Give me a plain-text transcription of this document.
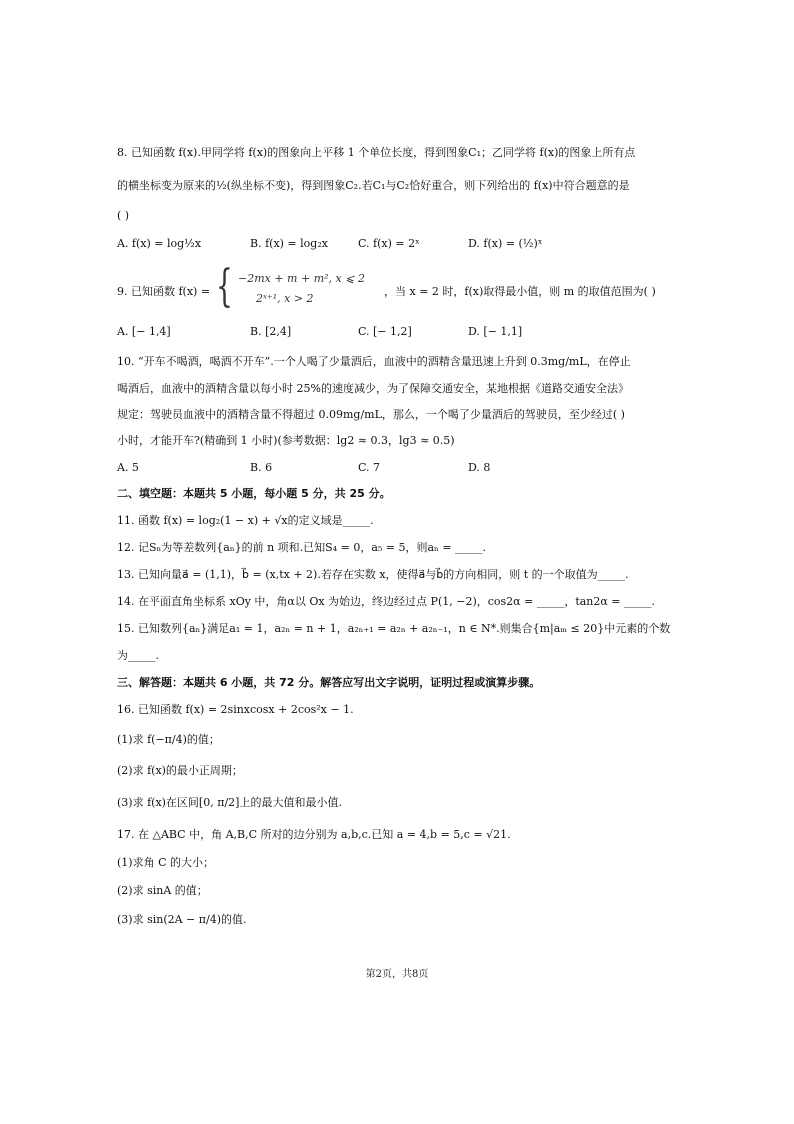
8. 已知函数 f(x).甲同学将 f(x)的图象向上平移 1 个单位长度，得到图象C₁；乙同学将 f(x)的图象上所有点
的横坐标变为原来的½(纵坐标不变)，得到图象C₂.若C₁与C₂恰好重合，则下列给出的 f(x)中符合题意的是
( )
A. f(x) = log½x	B. f(x) = log₂x	C. f(x) = 2ˣ	D. f(x) = (½)ˣ
9. 已知函数 f(x) = { −2mx + m + m², x ⩽ 2
2ˣ⁺¹, x > 2
，当 x = 2 时，f(x)取得最小值，则 m 的取值范围为( )
A. [− 1,4]	B. [2,4]	C. [− 1,2]	D. [− 1,1]
10. “开车不喝酒，喝酒不开车”.一个人喝了少量酒后，血液中的酒精含量迅速上升到 0.3mg/mL，在停止
喝酒后，血液中的酒精含量以每小时 25%的速度减少，为了保障交通安全，某地根据《道路交通安全法》
规定：驾驶员血液中的酒精含量不得超过 0.09mg/mL，那么，一个喝了少量酒后的驾驶员，至少经过( )
小时，才能开车?(精确到 1 小时)(参考数据：lg2 ≈ 0.3，lg3 ≈ 0.5)
A. 5	B. 6	C. 7	D. 8
二、填空题：本题共 5 小题，每小题 5 分，共 25 分。
11. 函数 f(x) = log₂(1 − x) + √x的定义域是_____.
12. 记Sₙ为等差数列{aₙ}的前 n 项和.已知S₄ = 0，a₅ = 5，则aₙ = _____.
13. 已知向量a⃗ = (1,1)，b⃗ = (x,tx + 2).若存在实数 x，使得a⃗与b⃗的方向相同，则 t 的一个取值为_____.
14. 在平面直角坐标系 xOy 中，角α以 Ox 为始边，终边经过点 P(1, −2)，cos2α = _____，tan2α = _____.
15. 已知数列{aₙ}满足a₁ = 1，a₂ₙ = n + 1，a₂ₙ₊₁ = a₂ₙ + a₂ₙ₋₁，n ∈ N*.则集合{m|aₘ ≤ 20}中元素的个数
为_____.
三、解答题：本题共 6 小题，共 72 分。解答应写出文字说明，证明过程或演算步骤。
16. 已知函数 f(x) = 2sinxcosx + 2cos²x − 1.
(1)求 f(−π/4)的值；
(2)求 f(x)的最小正周期；
(3)求 f(x)在区间[0, π/2]上的最大值和最小值.
17. 在 △ABC 中，角 A,B,C 所对的边分别为 a,b,c.已知 a = 4,b = 5,c = √21.
(1)求角 C 的大小；
(2)求 sinA 的值；
(3)求 sin(2A − π/4)的值.
第2页，共8页
